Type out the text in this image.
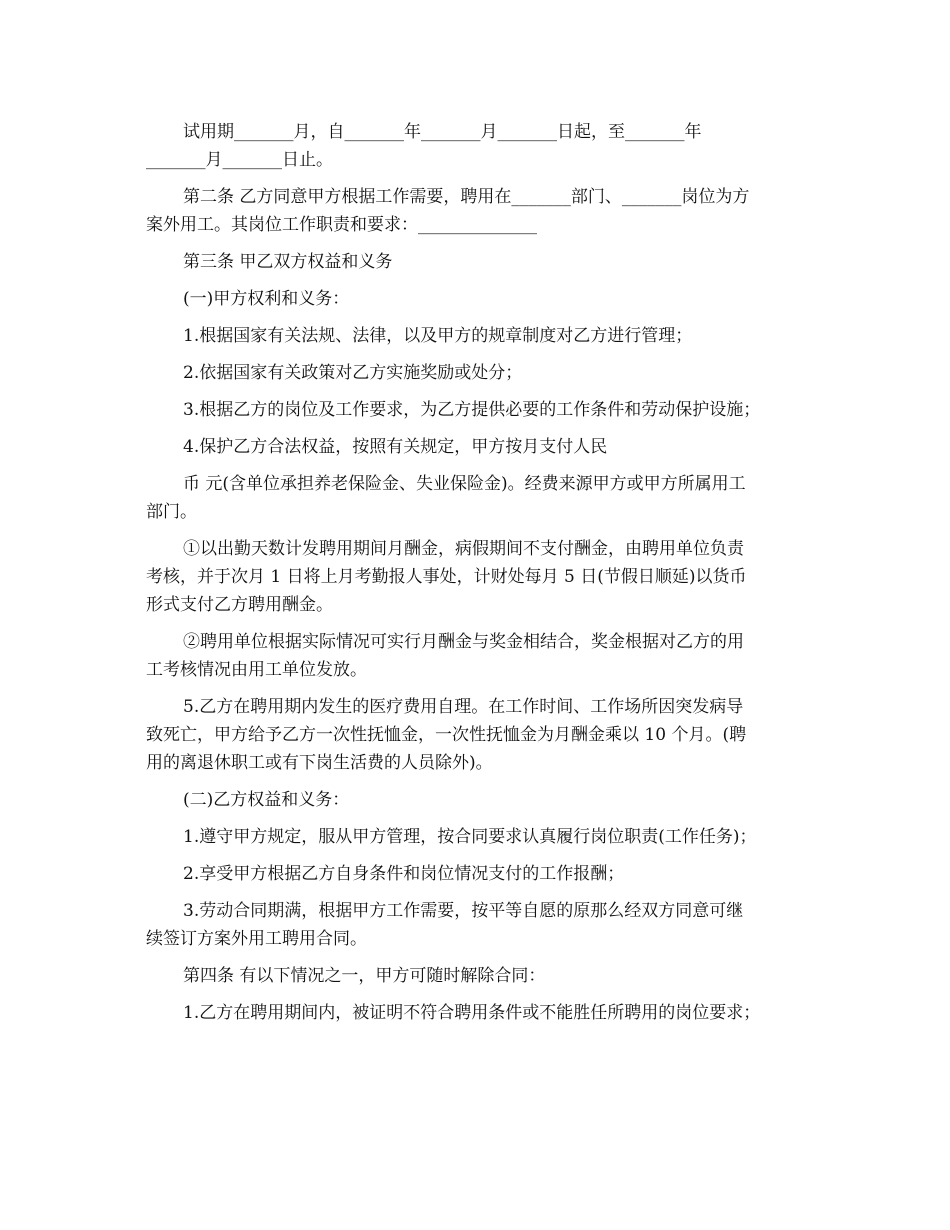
试用期_______月，自_______年_______月_______日起，至_______年
_______月_______日止。
第二条 乙方同意甲方根据工作需要，聘用在_______部门、_______岗位为方
案外用工。其岗位工作职责和要求：______________
第三条 甲乙双方权益和义务
(一)甲方权利和义务：
1.根据国家有关法规、法律，以及甲方的规章制度对乙方进行管理；
2.依据国家有关政策对乙方实施奖励或处分；
3.根据乙方的岗位及工作要求，为乙方提供必要的工作条件和劳动保护设施；
4.保护乙方合法权益，按照有关规定，甲方按月支付人民
币 元(含单位承担养老保险金、失业保险金)。经费来源甲方或甲方所属用工
部门。
①以出勤天数计发聘用期间月酬金，病假期间不支付酬金，由聘用单位负责
考核，并于次月 1 日将上月考勤报人事处，计财处每月 5 日(节假日顺延)以货币
形式支付乙方聘用酬金。
②聘用单位根据实际情况可实行月酬金与奖金相结合，奖金根据对乙方的用
工考核情况由用工单位发放。
5.乙方在聘用期内发生的医疗费用自理。在工作时间、工作场所因突发病导
致死亡，甲方给予乙方一次性抚恤金，一次性抚恤金为月酬金乘以 10 个月。(聘
用的离退休职工或有下岗生活费的人员除外)。
(二)乙方权益和义务：
1.遵守甲方规定，服从甲方管理，按合同要求认真履行岗位职责(工作任务)；
2.享受甲方根据乙方自身条件和岗位情况支付的工作报酬；
3.劳动合同期满，根据甲方工作需要，按平等自愿的原那么经双方同意可继
续签订方案外用工聘用合同。
第四条 有以下情况之一，甲方可随时解除合同：
1.乙方在聘用期间内，被证明不符合聘用条件或不能胜任所聘用的岗位要求；
